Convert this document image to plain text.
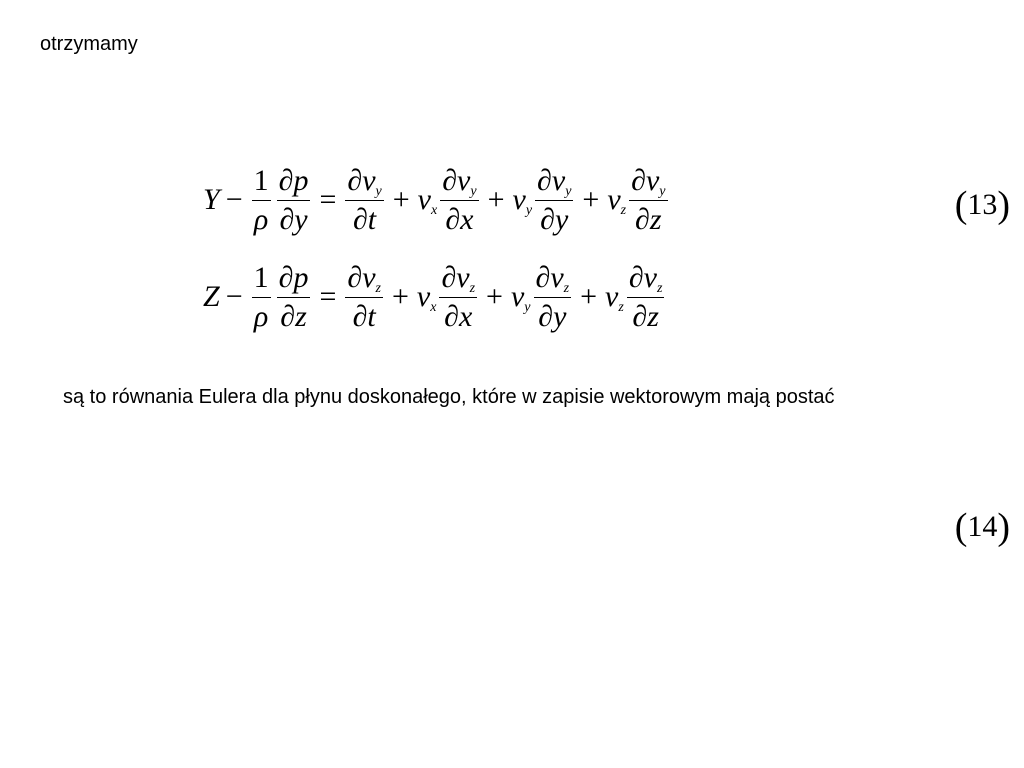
otrzymamy
$Y - \frac{1}{\rho} \frac{\partial p}{\partial y} = \frac{\partial v_y}{\partial t} + v_x \frac{\partial v_y}{\partial x} + v_y \frac{\partial v_y}{\partial y} + v_z \frac{\partial v_y}{\partial z}$
$Z - \frac{1}{\rho} \frac{\partial p}{\partial z} = \frac{\partial v_z}{\partial t} + v_x \frac{\partial v_z}{\partial x} + v_y \frac{\partial v_z}{\partial y} + v_z \frac{\partial v_z}{\partial z}$
( 13 )
są to równania Eulera dla płynu doskonałego, które w zapisie wektorowym mają postać
( 14 )
